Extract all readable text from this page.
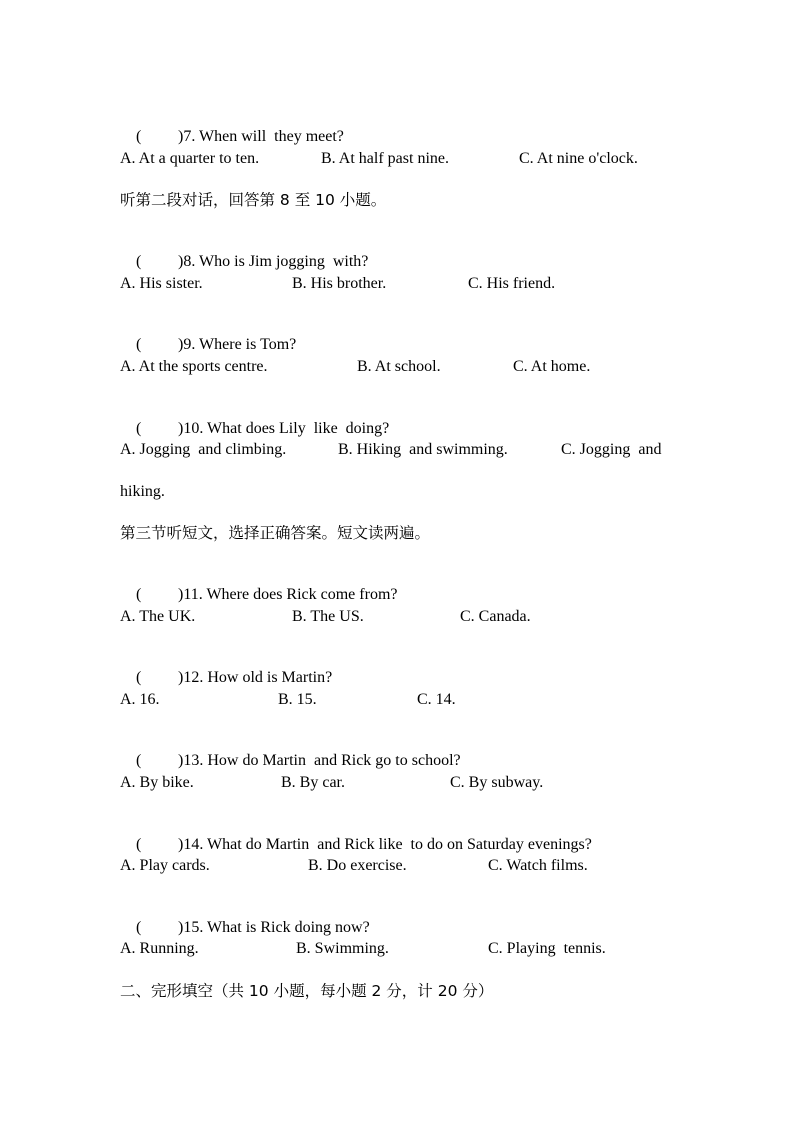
( )7. When will  they meet?

A. At a quarter to ten.	B. At half past nine.	C. At nine o'clock.
听第二段对话，回答第 8 至 10 小题。

( )8. Who is Jim jogging  with?

A. His sister.	B. His brother.	C. His friend.

( )9. Where is Tom?

A. At the sports centre.	B. At school.	C. At home.

( )10. What does Lily  like  doing?

A. Jogging  and climbing.	B. Hiking  and swimming.	C. Jogging  and
hiking.
第三节听短文，选择正确答案。短文读两遍。

( )11. Where does Rick come from?

A. The UK.	B. The US.	C. Canada.

( )12. How old is Martin?

A. 16.	B. 15.	C. 14.

( )13. How do Martin  and Rick go to school?

A. By bike.	B. By car.	C. By subway.

( )14. What do Martin  and Rick like  to do on Saturday evenings?

A. Play cards.	B. Do exercise.	C. Watch films.

( )15. What is Rick doing now?

A. Running.	B. Swimming.	C. Playing  tennis.
二、完形填空（共 10 小题，每小题 2 分，计 20 分）
